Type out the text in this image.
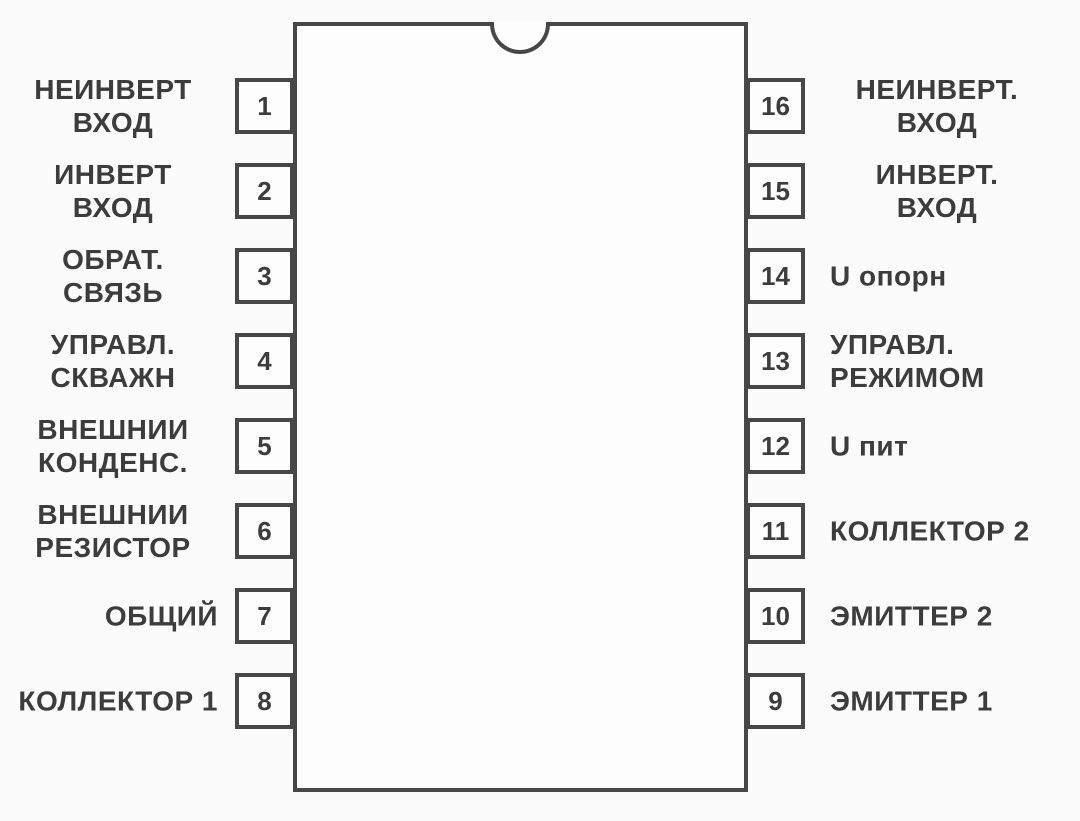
1
2
3
4
5
6
7
8
16
15
14
13
12
11
10
9
НЕИНВЕРТ
ВХОД
ИНВЕРТ
ВХОД
ОБРАТ.
СВЯЗЬ
УПРАВЛ.
СКВАЖН
ВНЕШНИИ
КОНДЕНС.
ВНЕШНИИ
РЕЗИСТОР
ОБЩИЙ
КОЛЛЕКТОР 1
НЕИНВЕРТ.
ВХОД
ИНВЕРТ.
ВХОД
U опорн
УПРАВЛ.
РЕЖИМОМ
U пит
КОЛЛЕКТОР 2
ЭМИТТЕР 2
ЭМИТТЕР 1
